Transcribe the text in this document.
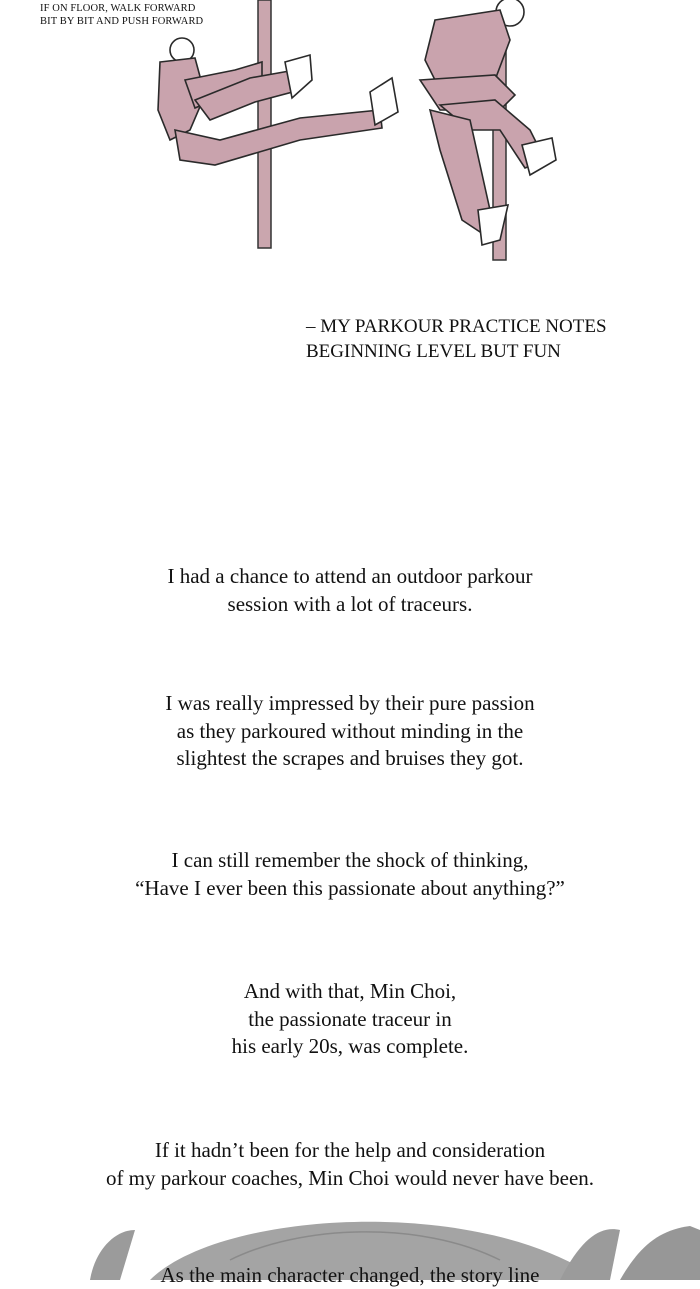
IF ON FLOOR, WALK FORWARD
BIT BY BIT AND PUSH FORWARD
– MY PARKOUR PRACTICE NOTES
BEGINNING LEVEL BUT FUN
I had a chance to attend an outdoor parkour
session with a lot of traceurs.
I was really impressed by their pure passion
as they parkoured without minding in the
slightest the scrapes and bruises they got.
I can still remember the shock of thinking,
“Have I ever been this passionate about anything?”
And with that, Min Choi,
the passionate traceur in
his early 20s, was complete.
If it hadn’t been for the help and consideration
of my parkour coaches, Min Choi would never have been.
As the main character changed, the story line
